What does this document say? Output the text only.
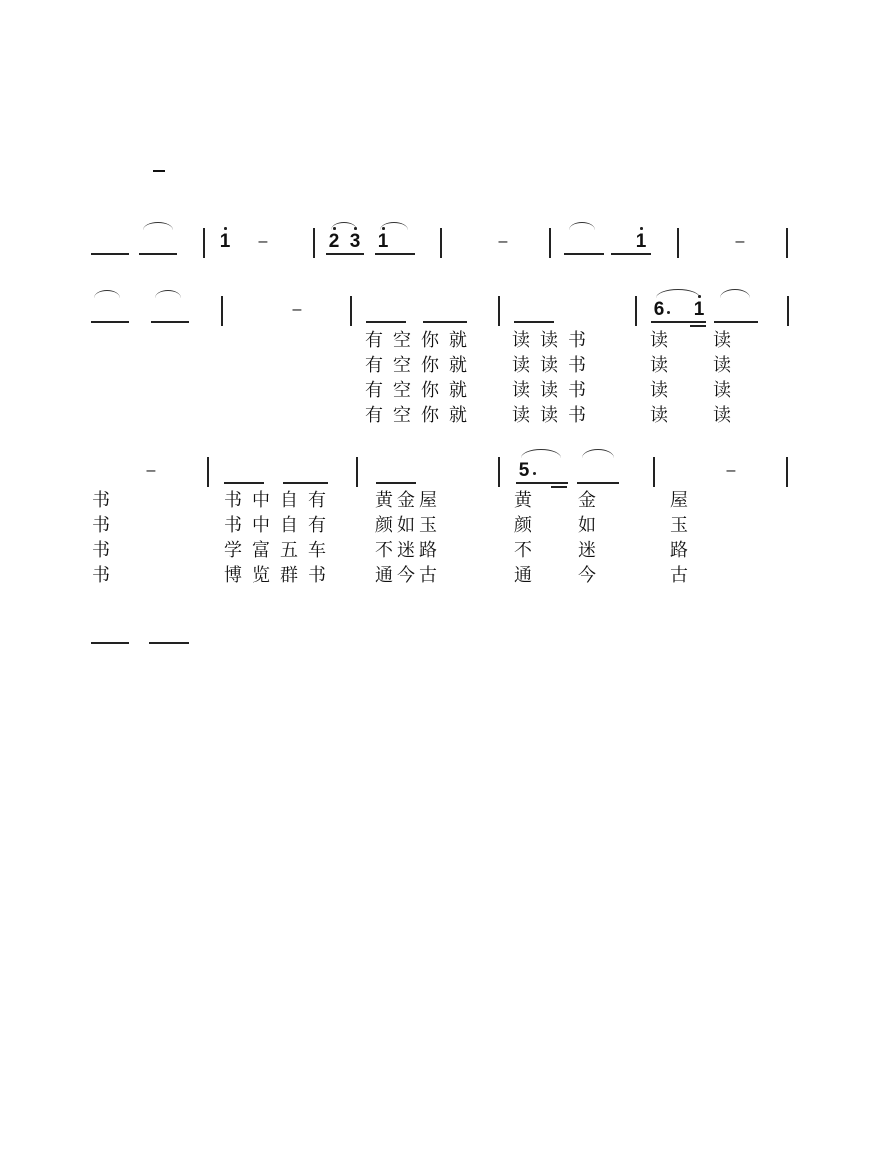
1 –	2 3 1	–	1	–
–	6 1
有空你就 读读书	读	读
有空你就 读读书	读	读
有空你就 读读书	读	读
有空你就 读读书	读	读
–	5	–
书	书中自有 黄金屋	黄	金	屋
书	书中自有 颜如玉	颜	如	玉
书	学富五车 不迷路	不	迷	路
书	博览群书 通今古	通	今	古
